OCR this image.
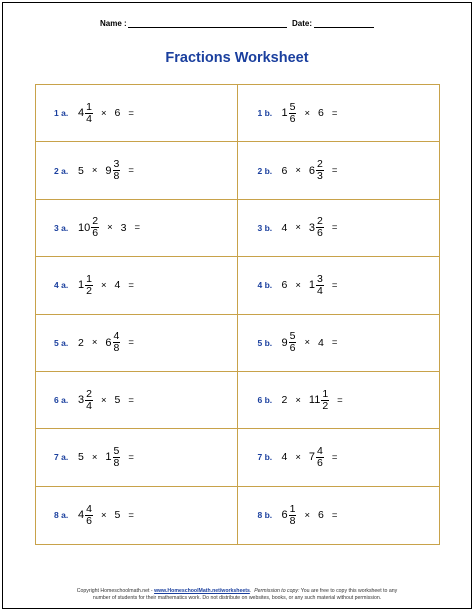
Name :	Date:
Fractions Worksheet
1 a. $4 \frac{1}{4} \times 6$ =	1 b. $1 \frac{5}{6} \times 6$ =
2 a. $5 \times 9 \frac{3}{8}$ =	2 b. $6 \times 6 \frac{2}{3}$ =
3 a. $10 \frac{2}{6} \times 3$ =	3 b. $4 \times 3 \frac{2}{6}$ =
4 a. $1 \frac{1}{2} \times 4$ =	4 b. $6 \times 1 \frac{3}{4}$ =
5 a. $2 \times 6 \frac{4}{8}$ =	5 b. $9 \frac{5}{6} \times 4$ =
6 a. $3 \frac{2}{4} \times 5$ =	6 b. $2 \times 11 \frac{1}{2}$ =
7 a. $5 \times 1 \frac{5}{8}$ =	7 b. $4 \times 7 \frac{4}{6}$ =
8 a. $4 \frac{4}{6} \times 5$ =	8 b. $6 \frac{1}{8} \times 6$ =
Copyright Homeschoolmath.net - www.HomeschoolMath.net/worksheets.  Permission to copy: You are free to copy this worksheet to any
number of students for their mathematics work. Do not distribute on websites, books, or any such material without permission.
